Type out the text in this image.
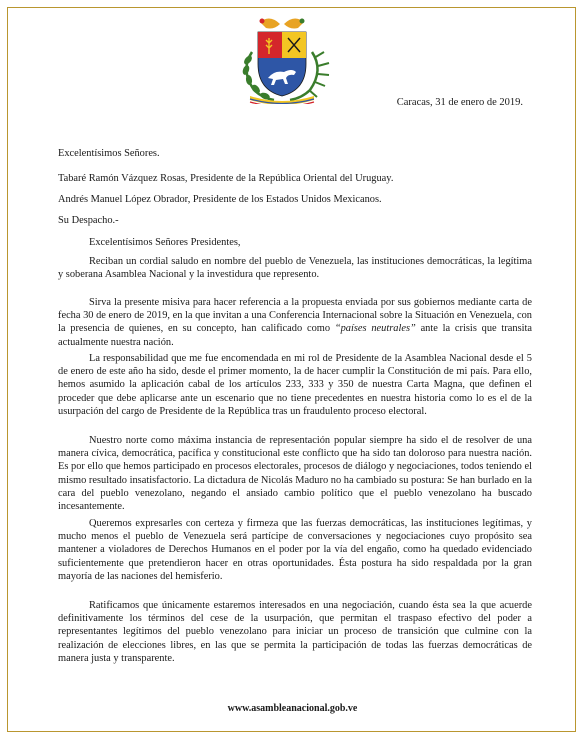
Caracas, 31 de enero de 2019.

Excelentísimos Señores.

Tabaré Ramón Vázquez Rosas, Presidente de la República Oriental del Uruguay.

Andrés Manuel López Obrador, Presidente de los Estados Unidos Mexicanos.

Su Despacho.-

Excelentísimos Señores Presidentes,

Reciban un cordial saludo en nombre del pueblo de Venezuela, las instituciones democráticas, la legítima y soberana Asamblea Nacional y la investidura que represento.

Sirva la presente misiva para hacer referencia a la propuesta enviada por sus gobiernos mediante carta de fecha 30 de enero de 2019, en la que invitan a una Conferencia Internacional sobre la Situación en Venezuela, con la presencia de quienes, en su concepto, han calificado como “países neutrales” ante la crisis que transita actualmente nuestra nación.

La responsabilidad que me fue encomendada en mi rol de Presidente de la Asamblea Nacional desde el 5 de enero de este año ha sido, desde el primer momento, la de hacer cumplir la Constitución de mi país. Para ello, hemos asumido la aplicación cabal de los artículos 233, 333 y 350 de nuestra Carta Magna, que definen el proceder que debe aplicarse ante un escenario que no tiene precedentes en nuestra historia como lo es el de la usurpación del cargo de Presidente de la República tras un fraudulento proceso electoral.

Nuestro norte como máxima instancia de representación popular siempre ha sido el de resolver de una manera cívica, democrática, pacífica y constitucional este conflicto que ha sido tan doloroso para nuestra nación. Es por ello que hemos participado en procesos electorales, procesos de diálogo y negociaciones, todos teniendo el mismo resultado insatisfactorio. La dictadura de Nicolás Maduro no ha cambiado su postura: Se han burlado en la cara del pueblo venezolano, negando el ansiado cambio político que el pueblo venezolano ha buscado incesantemente.

Queremos expresarles con certeza y firmeza que las fuerzas democráticas, las instituciones legítimas, y mucho menos el pueblo de Venezuela será partícipe de conversaciones y negociaciones cuyo propósito sea mantener a violadores de Derechos Humanos en el poder por la vía del engaño, como ha quedado evidenciado suficientemente que pretendieron hacer en otras oportunidades. Ésta postura ha sido respaldada por la gran mayoría de las naciones del hemisferio.

Ratificamos que únicamente estaremos interesados en una negociación, cuando ésta sea la que acuerde definitivamente los términos del cese de la usurpación, que permitan el traspaso efectivo del poder a representantes legítimos del pueblo venezolano para iniciar un proceso de transición que culmine con la realización de elecciones libres, en las que se permita la participación de todas las fuerzas democráticas de manera justa y transparente.

www.asambleanacional.gob.ve
